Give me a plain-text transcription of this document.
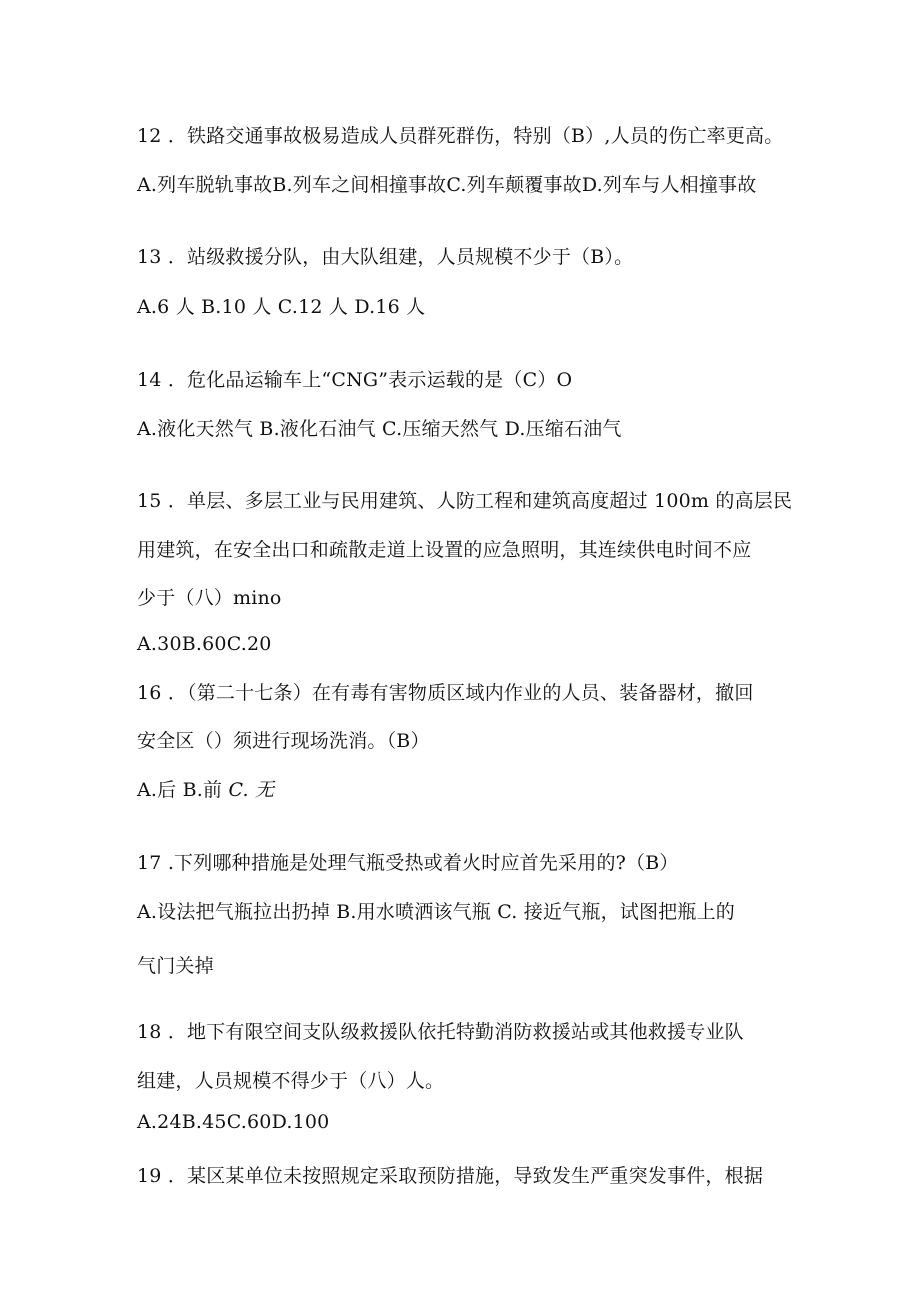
12 ．铁路交通事故极易造成人员群死群伤，特别（B）,人员的伤亡率更高。
A.列车脱轨事故B.列车之间相撞事故C.列车颠覆事故D.列车与人相撞事故
13 ．站级救援分队，由大队组建，人员规模不少于（B）。
A.6 人 B.10 人 C.12 人 D.16 人
14 ．危化品运输车上“CNG”表示运载的是（C）O
A.液化天然气 B.液化石油气 C.压缩天然气 D.压缩石油气
15 ．单层、多层工业与民用建筑、人防工程和建筑高度超过 100m 的高层民
用建筑，在安全出口和疏散走道上设置的应急照明，其连续供电时间不应
少于（八）mino
A.30B.60C.20
16 ．（第二十七条）在有毒有害物质区域内作业的人员、装备器材，撤回
安全区（）须进行现场洗消。（B）
A.后 B.前 C. 无
17 .下列哪种措施是处理气瓶受热或着火时应首先采用的?（B）
A.设法把气瓶拉出扔掉 B.用水喷洒该气瓶 C. 接近气瓶，试图把瓶上的
气门关掉
18 ．地下有限空间支队级救援队依托特勤消防救援站或其他救援专业队
组建，人员规模不得少于（八）人。
A.24B.45C.60D.100
19 ．某区某单位未按照规定采取预防措施，导致发生严重突发事件，根据
